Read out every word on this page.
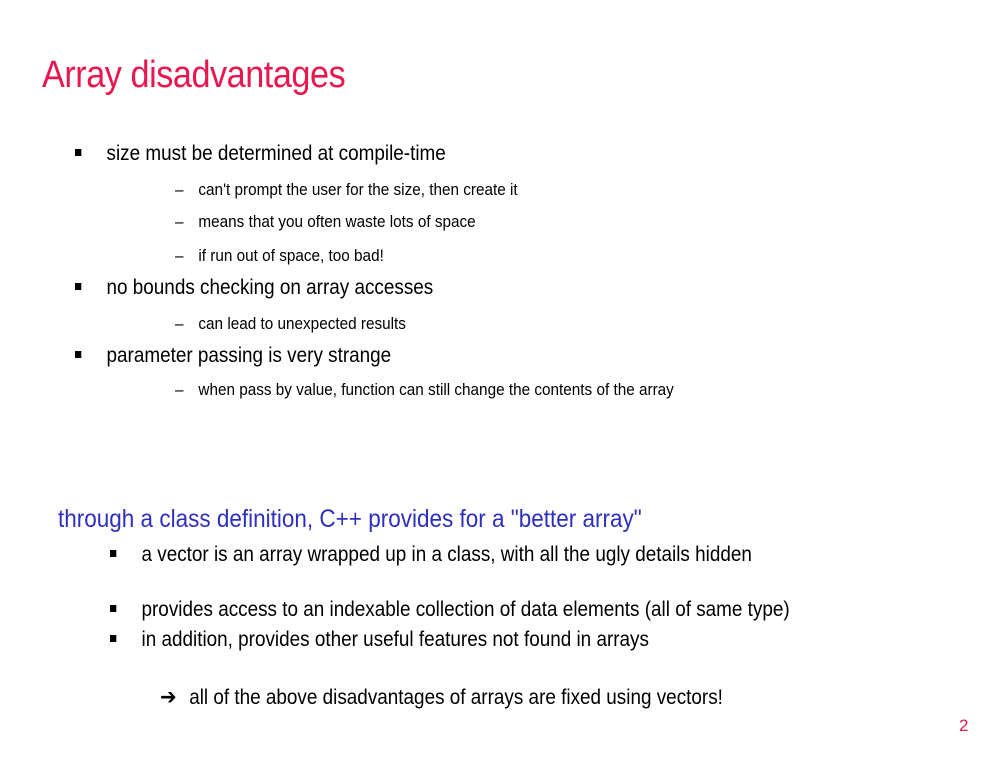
Array disadvantages
size must be determined at compile-time
– can't prompt the user for the size, then create it
– means that you often waste lots of space
– if run out of space, too bad!
no bounds checking on array accesses
– can lead to unexpected results
parameter passing is very strange
– when pass by value, function can still change the contents of the array
through a class definition, C++ provides for a "better array"
a vector is an array wrapped up in a class, with all the ugly details hidden
provides access to an indexable collection of data elements (all of same type)
in addition, provides other useful features not found in arrays
➔ all of the above disadvantages of arrays are fixed using vectors!
2
